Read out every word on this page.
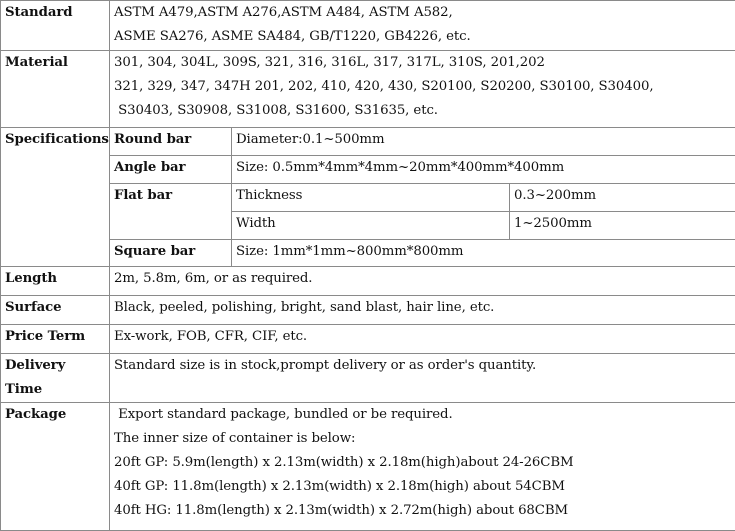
Standard	ASTM A479,ASTM A276,ASTM A484, ASTM A582,
ASME SA276, ASME SA484, GB/T1220, GB4226, etc.		

Material	301, 304, 304L, 309S, 321, 316, 316L, 317, 317L, 310S, 201,202
321, 329, 347, 347H 201, 202, 410, 420, 430, S20100, S20200, S30100, S30400,
S30403, S30908, S31008, S31600, S31635, etc.		

Specifications	Round bar	Diameter:0.1~500mm	
	Angle bar	Size: 0.5mm*4mm*4mm~20mm*400mm*400mm	
	Flat bar	Thickness	0.3~200mm
		Width	1~2500mm
	Square bar	Size: 1mm*1mm~800mm*800mm	
Length	2m, 5.8m, 6m, or as required.		
Surface	Black, peeled, polishing, bright, sand blast, hair line, etc.		
Price Term	Ex-work, FOB, CFR, CIF, etc.		
Delivery Time	Standard size is in stock,prompt delivery or as order's quantity.		
Package	Export standard package, bundled or be required.
The inner size of container is below:
20ft GP: 5.9m(length) x 2.13m(width) x 2.18m(high)about 24-26CBM
40ft GP: 11.8m(length) x 2.13m(width) x 2.18m(high) about 54CBM
40ft HG: 11.8m(length) x 2.13m(width) x 2.72m(high) about 68CBM		
